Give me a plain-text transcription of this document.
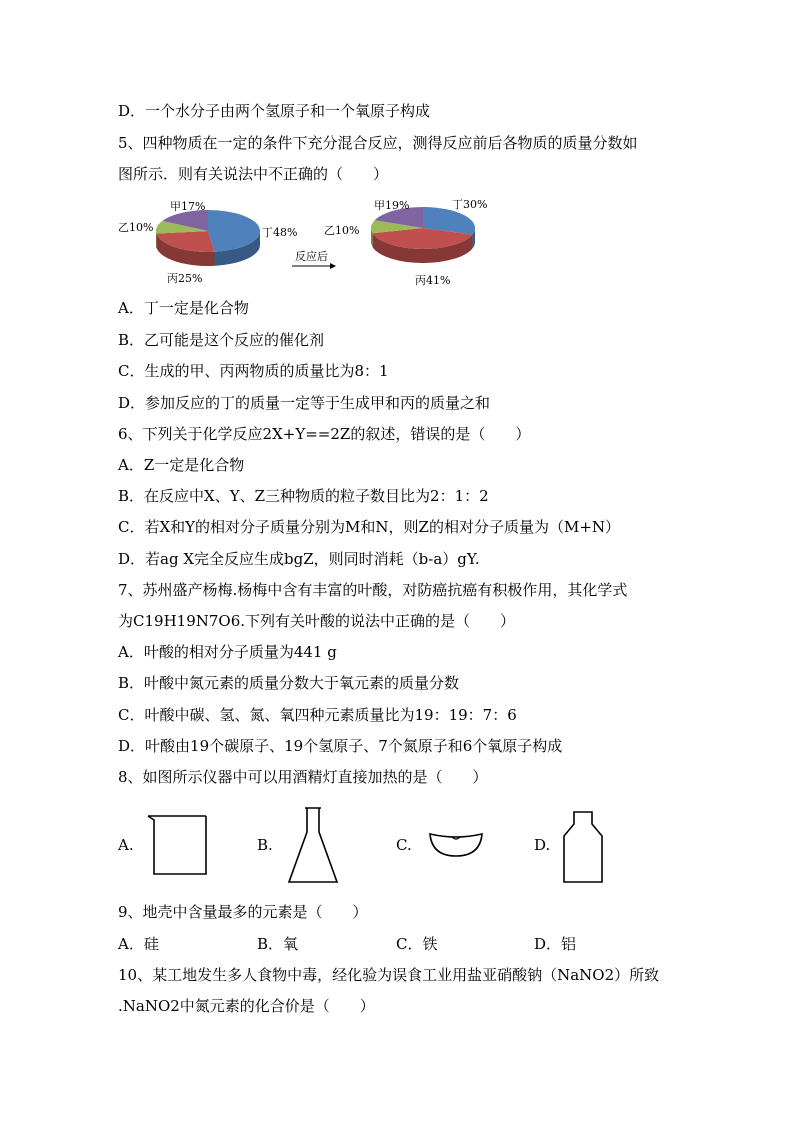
D．一个水分子由两个氢原子和一个氧原子构成
5、四种物质在一定的条件下充分混合反应，测得反应前后各物质的质量分数如
图所示．则有关说法中不正确的（　　）
甲17%
乙10%	丁48%
丙25%
反应后
甲19%	丁30%
乙10%
丙41%
A．丁一定是化合物
B．乙可能是这个反应的催化剂
C．生成的甲、丙两物质的质量比为8：1
D．参加反应的丁的质量一定等于生成甲和丙的质量之和
6、下列关于化学反应2X+Y==2Z的叙述，错误的是（　　）
A．Z一定是化合物
B．在反应中X、Y、Z三种物质的粒子数目比为2：1：2
C．若X和Y的相对分子质量分别为M和N，则Z的相对分子质量为（M+N）
D．若ag X完全反应生成bgZ，则同时消耗（b-a）gY.
7、苏州盛产杨梅.杨梅中含有丰富的叶酸，对防癌抗癌有积极作用，其化学式
为C19H19N7O6.下列有关叶酸的说法中正确的是（　　）
A．叶酸的相对分子质量为441 g
B．叶酸中氮元素的质量分数大于氧元素的质量分数
C．叶酸中碳、氢、氮、氧四种元素质量比为19：19：7：6
D．叶酸由19个碳原子、19个氢原子、7个氮原子和6个氧原子构成
8、如图所示仪器中可以用酒精灯直接加热的是（　　）
A.	B.	C.	D.
9、地壳中含量最多的元素是（　　）
A．硅	B．氧	C．铁	D．铝
10、某工地发生多人食物中毒，经化验为误食工业用盐亚硝酸钠（NaNO2）所致
.NaNO2中氮元素的化合价是（　　）
